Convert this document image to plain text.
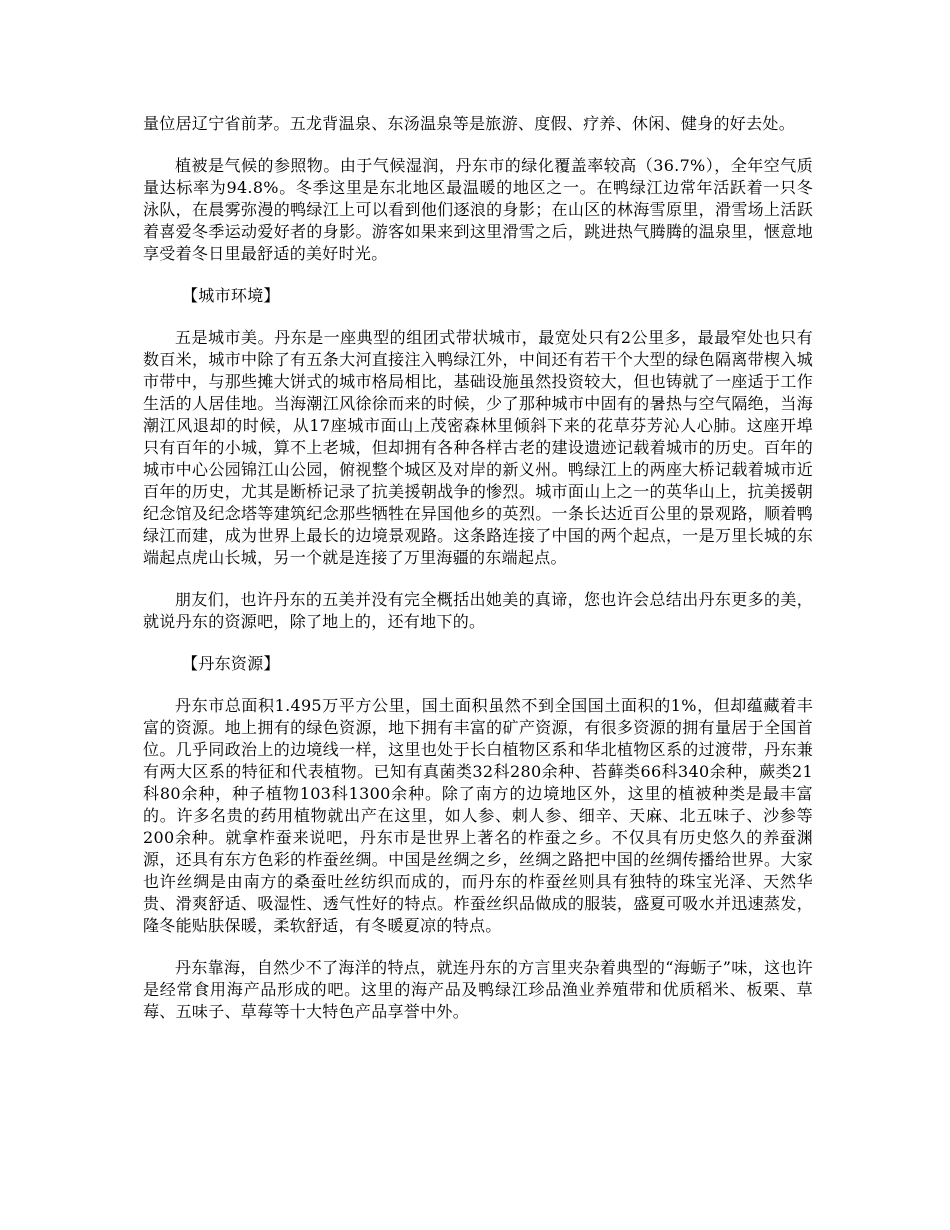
量位居辽宁省前茅。五龙背温泉、东汤温泉等是旅游、度假、疗养、休闲、健身的好去处。

植被是气候的参照物。由于气候湿润，丹东市的绿化覆盖率较高（36.7%），全年空气质量达标率为94.8%。冬季这里是东北地区最温暖的地区之一。在鸭绿江边常年活跃着一只冬泳队，在晨雾弥漫的鸭绿江上可以看到他们逐浪的身影；在山区的林海雪原里，滑雪场上活跃着喜爱冬季运动爱好者的身影。游客如果来到这里滑雪之后，跳进热气腾腾的温泉里，惬意地享受着冬日里最舒适的美好时光。

【城市环境】

五是城市美。丹东是一座典型的组团式带状城市，最宽处只有2公里多，最最窄处也只有数百米，城市中除了有五条大河直接注入鸭绿江外，中间还有若干个大型的绿色隔离带楔入城市带中，与那些摊大饼式的城市格局相比，基础设施虽然投资较大，但也铸就了一座适于工作生活的人居佳地。当海潮江风徐徐而来的时候，少了那种城市中固有的暑热与空气隔绝，当海潮江风退却的时候，从17座城市面山上茂密森林里倾斜下来的花草芬芳沁人心肺。这座开埠只有百年的小城，算不上老城，但却拥有各种各样古老的建设遗迹记载着城市的历史。百年的城市中心公园锦江山公园，俯视整个城区及对岸的新义州。鸭绿江上的两座大桥记载着城市近百年的历史，尤其是断桥记录了抗美援朝战争的惨烈。城市面山上之一的英华山上，抗美援朝纪念馆及纪念塔等建筑纪念那些牺牲在异国他乡的英烈。一条长达近百公里的景观路，顺着鸭绿江而建，成为世界上最长的边境景观路。这条路连接了中国的两个起点，一是万里长城的东端起点虎山长城，另一个就是连接了万里海疆的东端起点。

朋友们，也许丹东的五美并没有完全概括出她美的真谛，您也许会总结出丹东更多的美，就说丹东的资源吧，除了地上的，还有地下的。

【丹东资源】

丹东市总面积1.495万平方公里，国土面积虽然不到全国国土面积的1%，但却蕴藏着丰富的资源。地上拥有的绿色资源，地下拥有丰富的矿产资源，有很多资源的拥有量居于全国首位。几乎同政治上的边境线一样，这里也处于长白植物区系和华北植物区系的过渡带，丹东兼有两大区系的特征和代表植物。已知有真菌类32科280余种、苔藓类66科340余种，蕨类21科80余种，种子植物103科1300余种。除了南方的边境地区外，这里的植被种类是最丰富的。许多名贵的药用植物就出产在这里，如人参、刺人参、细辛、天麻、北五味子、沙参等200余种。就拿柞蚕来说吧，丹东市是世界上著名的柞蚕之乡。不仅具有历史悠久的养蚕渊源，还具有东方色彩的柞蚕丝绸。中国是丝绸之乡，丝绸之路把中国的丝绸传播给世界。大家也许丝绸是由南方的桑蚕吐丝纺织而成的，而丹东的柞蚕丝则具有独特的珠宝光泽、天然华贵、滑爽舒适、吸湿性、透气性好的特点。柞蚕丝织品做成的服装，盛夏可吸水并迅速蒸发，隆冬能贴肤保暖，柔软舒适，有冬暖夏凉的特点。

丹东靠海，自然少不了海洋的特点，就连丹东的方言里夹杂着典型的“海蛎子”味，这也许是经常食用海产品形成的吧。这里的海产品及鸭绿江珍品渔业养殖带和优质稻米、板栗、草莓、五味子、草莓等十大特色产品享誉中外。
